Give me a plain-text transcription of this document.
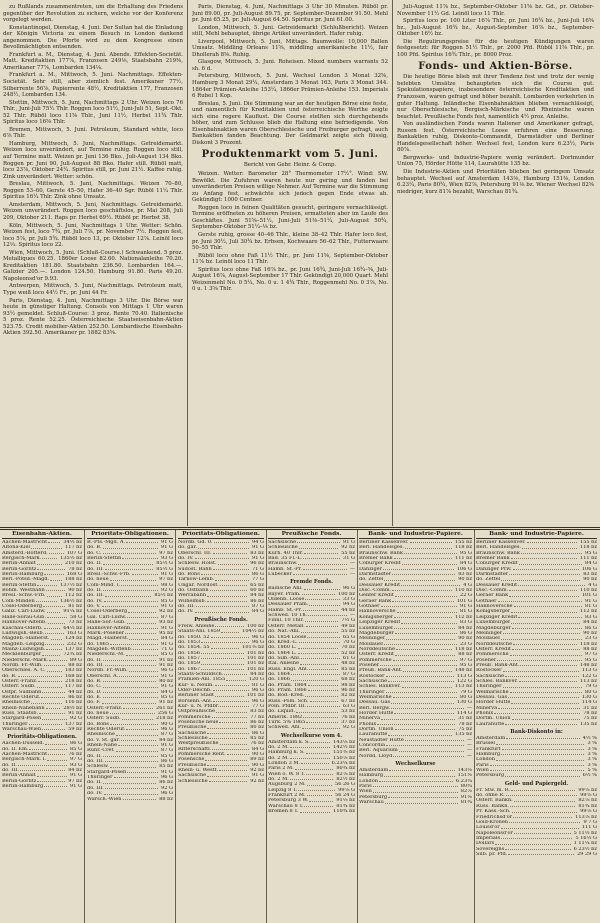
zu Rußlands zusammentreten, um die Erhaltung des Friedens gegenüber der Revolution zu sichern, welche vor der Konferenz vorgelegt werden.

Konstantinopel, Dienstag, 4. Juni. Der Sultan hat die Einladung der Königin Victoria zu einem Besuch in London dankend angenommen. Die Pforte wird zu dem Kongresse einen Bevollmächtigten entsenden.

Frankfurt a. M., Dienstag, 4. Juni. Abends. Effekten-Societät. Matt. Kreditaktien 177⅞, Franzosen 249⅛, Staatsbahn 219⅜, Amerikaner 77⅞, Lombarden 134⅛.

Frankfurt a. M., Mittwoch, 5. Juni. Nachmittags. Effekten-Societät. Sehr still, aber ziemlich fest. Amerikaner 77½, Silberrente 56⅞, Papierrente 48½, Kreditaktien 177, Franzosen 248½, Lombarden 134.

Stettin, Mittwoch, 5. Juni, Nachmittags 2 Uhr. Weizen loco 76 Thlr., Juni-Juli 75½ Thlr. Roggen loco 51½, Juni-Juli 51, Sept.-Okt. 52 Thlr. Rüböl loco 11⅝ Thlr., Juni 11½, Herbst 11¾ Thlr. Spiritus loco 16⅝ Thlr.

Bremen, Mittwoch, 5. Juni. Petroleum, Standard white, loco 6⅞ Thlr.

Hamburg, Mittwoch, 5. Juni, Nachmittags. Getreidemarkt. Weizen loco unverändert, auf Termine ruhig. Roggen loco still, auf Termine matt. Weizen pr. Juni 136 Bko., Juli-August 134 Bko. Roggen pr. Juni 90, Juli-August 88 Bko. Hafer still. Rüböl matt, loco 23⅞, Oktober 24¼. Spiritus still, pr. Juni 21½. Kaffee ruhig. Zink unverändert. Wetter: schön.

Breslau, Mittwoch, 5. Juni, Nachmittags. Weizen 70–80, Roggen 53–60, Gerste 45–50, Hafer 36–40 Sgr. Rüböl 11¼ Thlr. Spiritus 16¼ Thlr. Zink ohne Umsatz.

Amsterdam, Mittwoch, 5. Juni, Nachmittags. Getreidemarkt. Weizen unverändert. Roggen loco geschäftslos, pr. Mai 208, Juli 209, Oktober 211. Raps pr. Herbst 69½. Rüböl pr. Herbst 38.

Köln, Mittwoch, 5. Juni, Nachmittags 1 Uhr. Wetter: Schön. Weizen fest, loco 7¾, pr. Juli 7⅞, pr. November 7½. Roggen fest, loco 5⅞, pr. Juli 5¾. Rüböl loco 13, pr. Oktober 12⅞. Leinöl loco 12⅓. Spiritus loco 22.

Wien, Mittwoch, 5. Juni. (Schluß-Course.) Schwankend. 5 proz. Metalliques 60.25. 1860er Loose 82.60. Nationalanleihe 70.20. Kreditaktien 181.80. Staatsbahn 236.50. Lombarden 164.—. Galizier 205.—. London 124.50. Hamburg 91.80. Paris 49.20. Napoleonsd'or 9.93.

Antwerpen, Mittwoch, 5. Juni, Nachmittags. Petroleum matt, Type weiß loco 44½ Fr., pr. Juni 44 Fr.

Paris, Dienstag, 4. Juni, Nachmittags 3 Uhr. Die Börse war heute in günstiger Haltung. Consols von Mittags 1 Uhr waren 93½ gemeldet. Schluß-Course: 3 proz. Rente 70.40. Italienische 5 proz. Rente 52.25. Österreichische Staatseisenbahn-Aktien 523.75. Credit mobilier-Aktien 252.50. Lombardische Eisenbahn-Aktien 392.50. Amerikaner pr. 1882 83⅝.

Paris, Dienstag, 4. Juni, Nachmittags 3 Uhr 30 Minuten. Rüböl pr. Juni 89.00, pr. Juli-August 89.75, pr. September-Dezember 91.50. Mehl pr. Juni 65.25, pr. Juli-August 64.50. Spiritus pr. Juni 61.00.

London, Mittwoch, 5. Juni. Getreidemarkt (Schlußbericht). Weizen still, Mehl behauptet, übrige Artikel unverändert. Hafer ruhig.

Liverpool, Mittwoch, 5. Juni, Mittags. Baumwolle: 10,000 Ballen Umsatz. Middling Orleans 11⅝, middling amerikanische 11½, fair Dhollerah 8⅝. Ruhig.

Glasgow, Mittwoch, 5. Juni. Roheisen. Mixed numbers warrants 52 sh. 6 d.

Petersburg, Mittwoch, 5. Juni. Wechsel London 3 Monat 32⅝, Hamburg 3 Monat 29¼, Amsterdam 3 Monat 163, Paris 3 Monat 344. 1864er Prämien-Anleihe 153¼, 1866er Prämien-Anleihe 153. Imperials 6 Rubel 1 Kop.

Breslau, 5. Juni. Die Stimmung war an der heutigen Börse eine feste, und namentlich für Kreditaktien und österreichische Werthe zeigte sich eine regere Kauflust. Die Course stellten sich durchgehends höher, und zum Schlusse blieb die Haltung eine befriedigende. Von Eisenbahnaktien waren Oberschlesische und Freiburger gefragt, auch Bankaktien fanden Beachtung. Der Geldmarkt zeigte sich flüssig, Diskont 3 Prozent.

Produktenmarkt vom 5. Juni.
Bericht von Gebr. Heinr. & Comp.

Weizen. Wetter: Barometer 28° Thermometer 17½°. Wind: SW. Bewölkt. Die Zufuhren waren heute nur gering und fanden bei unveränderten Preisen willige Nehmer. Auf Termine war die Stimmung zu Anfang fest, schwächte sich jedoch gegen Ende etwas ab. Gekündigt: 1000 Centner.

Roggen loco in feinen Qualitäten gesucht, geringere vernachlässigt. Termine eröffneten zu höheren Preisen, ermatteten aber im Laufe des Geschäftes. Juni 51⅝–51½, Juni-Juli 51⅜–51¼, Juli-August 50¾, September-Oktober 51¼–⅛ bz.

Gerste ruhig, grosse 40–46 Thlr., kleine 38–42 Thlr. Hafer loco fest, pr. Juni 30½, Juli 30¾ bz. Erbsen, Kochwaare 56–62 Thlr., Futterwaare 50–55 Thlr.

Rüböl loco ohne Faß 11½ Thlr., pr. Juni 11⅝, September-Oktober 11⅞ bz. Leinöl loco 11 Thlr.

Spiritus loco ohne Faß 16⅞ bz., pr. Juni 16¾, Juni-Juli 16¾–⅝, Juli-August 16⅞, August-September 17 Thlr. Gekündigt 20,000 Quart. Mehl Weizenmehl No. 0 5¼, No. 0 u. 1 4¾ Thlr., Roggenmehl No. 0 3⅞, No. 0 u. 1 3⅝ Thlr.

Juli-August 11⅞ bz., September-Oktober 11⅝ bz. Gd., pr. Oktober-November 11½ Gd. Leinöl loco 11 Thlr.

Spiritus loco pr. 100 Liter 16⅞ Thlr., pr. Juni 16¾ bz., Juni-Juli 16⅝ bz., Juli-August 16¾ bz., August-September 16⅞ bz., September-Oktober 16½ bz.

Die Regulirungspreise für die heutigen Kündigungen waren festgesetzt: für Roggen 51½ Thlr., pr. 2000 Pfd. Rüböl 11⅝ Thlr., pr. 100 Pfd. Spiritus 16¾ Thlr., pr. 8000 Proz.

Fonds- und Aktien-Börse.

Die heutige Börse blieb mit ihrer Tendenz fest und trotz der wenig belebten Umsätze behaupteten sich die Course gut. Spekulationspapiere, insbesondere österreichische Kreditaktien und Franzosen, waren gefragt und höher bezahlt. Lombarden verkehrten in guter Haltung. Inländische Eisenbahnaktien blieben vernachlässigt, nur Oberschlesische, Bergisch-Märkische und Rheinische waren beachtet. Preußische Fonds fest, namentlich 4½ proz. Anleihe.

Von ausländischen Fonds waren Italiener und Amerikaner gefragt, Russen fest. Österreichische Loose erfuhren eine Besserung. Bankaktien ruhig, Diskonto-Commandit, Darmstädter und Berliner Handelsgesellschaft höher. Wechsel fest, London kurz 6.23½, Paris 80⅞.

Bergwerks- und Industrie-Papiere wenig verändert. Dortmunder Union 75, Hörder Hütte 114, Laurahütte 135 bz.

Die Industrie-Aktien und Prioritäten blieben bei geringem Umsatz behauptet. Wechsel auf Amsterdam 143⅛, Hamburg 151⅜, London 6.23¼, Paris 80¾, Wien 82⅞, Petersburg 91⅛ bz. Wiener Wechsel 82⅝ niedriger, kurz 81⅞ bezahlt, Warschau 81¾.

Eisenbahn-Aktien.
Aachen-Mastricht	34½ bz
Altona-Kiel	117 bz
Amsterd.-Rotterd.	107 G
Bergisch-Märk.	135½ bz
Berlin-Anhalt	210 bz
Berlin-Görlitz	78 bz
Berlin-Hamburg	168 G
Berl.-Potsd.-Magd.	188 bz
Berlin-Stettin	137½ bz
Böhm. Westbahn	90 bz
Bresl.-Schw.-Frb.	112 bz
Cöln-Minden	136½ bz
Cosel-Oderberg	81 bz
Galiz. Carl-Ludw.	91¼ bz
Halle-Sorau-Gub.	58 G
Hannover-Altenb.	73 bz
Kaschau-Oderb.	64½ bz
Ludwigsh.-Bexb.	163 G
Magdeb.-Halberst.	124 bz
Magdeb.-Leipzig	232 G
Mainz-Ludwigsh.	137 bz
Mecklenburger	72¾ bz
Niederschl.-Märk.	89 G
Nordb. Fr.-Wilh.	88 bz
Oberschles. A. C.	183 bz
do. B.	168 bz
Österr.-Franz.	218 bz
Österr. Südb.	117 bz
Ostpr. Südbahn	44 bz
Rechte Oderuf.	86 bz
Rheinische	116 bz
Rhein-Nahebahn	28½ bz
Russ. Staatsb.	91 bz
Stargard-Posen	92 G
Thüringer	137 bz
Warschau-Wien	59 bz
Prioritäts-Obligationen.
Aachen-Düsseld.	86 G
do. II. Em.	85 G
Aachen-Mastricht	76 bz
Bergisch-Märk. I.	97 G
do. II.	93 G
do. III.	84 bz
Berlin-Anhalt	91 G
Berlin-Görlitz	97 bz
Berlin-Hamburg	91 G
Prioritäts-Obligationen.
B.-Pts.-Mgd. A.	91 G
do. B.	91 G
do. C.	97 bz
Berlin-Stettin	93 G
do. II.	85½ G
do. III.	85½ G
Bresl.-Schw.-Frb.	91 G
do. neue	97 bz
Cöln-Mind. I.	98 G
do. II.	92 G
do. III.	85½ bz
do. IV.	85 G
do. V.	91 G
Cosel-Oderberg	92 bz
Gal. Carl-Ludw.	87 G
Halle-Sor.-Gub.	93 bz
Hannover-Altenb.	91 G
Märk.-Posener	95 bz
Magd.-Halberst.	84 G
do. 1865	91 G
Magdeb.-Wittenb.	71 G
Niederschl.-M.	85 G
do. II.	91 bz
do. III.	91 bz
Nordb. Fr.-Wilh.	96 G
Oberschl. A.	91 G
do. B.	80 bz
do. C.	91 G
do. D.	84 G
do. E.	85 G
do. F.	91 bz
Österr.-Franz.	261 bz
do. neue	256 G
Österr. Südb.	218 bz
do. Bons	90 G
Rechte Oderuf.	96 G
Rheinische	87 G
do. v. St. gar.	84 bz
Rhein-Nahe	91 G
Ruhr.-Cref.	87 G
do. II.	85 G
do. III.	86 G
Schlesw.	85 bz
Stargard-Posen	91 G
Thüringer	96 G
do. II.	86 bz
do. III.	92 G
do. IV.	96 G
Warsch.-Wien	88 bz
Prioritäts-Obligationen.
Nordb. Gd. 0.	94 G
do. gar.	91 G
Oberschl. III.	83 bz
do. IV.	91 G
Schlesw. Holst.	96 bz
Südöst. Bahn	71 G
do. Bons	86 G
Tarnow-Lemb.	77 G
Ungar. Nordost.	65 bz
do. Ostbahn	60 bz
Werrabahn	84 bz
Wilhelmsb.	86 bz
do. III.	87 G
do. IV.	84 G
Preußische Fonds.
Freiw. Anleihe	100 bz
Staats-Anl. 1859	104½ bz
do. 1850. 52	96 G
do. 1853	96 G
do. 1854. 55	101⅜ bz
do. 1856	101 bz
do. 1857	101 bz
do. 1859	101 bz
do. 1867	101 bz
Staats-Schuldsch.	84 bz
Prämien-Anl. 1855	120 G
Kur- u. Neum.	81 G
Oder-Deichb.	96 G
Berliner Stadt	101 bz
Börsenh.-Anl.	96 G
Kur- u. N. Pfdbr.	77 G
Ostpreußische	83 bz
Pommersche	77 bz
Posensche neue	86 bz
Preußische	80 bz
Sächsische	86 G
Schlesische	85 bz
Westpreußische	76 bz
Ritterschaftl.	84 G
Pommersche Rent.	90 G
Posensche	89 bz
Preußische	90 G
Rhein- u. Westf.	92 bz
Sächsische	91 G
Schlesische	92 bz
Preußische Fonds.
Sächsische	91 G
Schlesische	92 bz
Kurh. 40 Thlr.	55 bz
Bad. 35 Fl.-L.	31 G
Braunschw.	—
Hamb. St.-Pr.	—
Lübecker	—
Fremde Fonds.
Badische Anl.	96 G
Bayer. Präm.	100 bz
Oldenb. Loose	33 G
Dessauer Präm.	94 G
Hamb. St.-Pr.	44 bz
Schwed. 10 Th.	—
Finnl. 10 Thlr.	7½ G
Österr. Metall.	49 bz
do. Nat.-Anl.	55 bz
do. 1854 Loose	65 G
do. Kred.-L.	70 G
do. 1860 L.	70 bz
do. 1864 L.	52 bz
do. Silb.-Anl.	61 G
Ital. Anleihe	48 bz
Russ. Engl. Anl.	85 bz
do. 1864	87 G
do. 1866	68 bz
do. Präm. 1864	98 bz
do. Präm. 1866	96 bz
do. Bod.-Kred.	82 bz
Russ.-Poln. Sch.	67 bz
Poln. Pfdbr. III.	63 G
do. Liquid.	53 bz
Amerik. 1882	76 bz
Türk. 5% 1865	37 bz
Schwed. Anl.	92 G
Wechselkurse vom 4.
Amsterdam k. S.	143⅛ bz
do. 2 M.	142½ bz
Hamburg k. S.	151⅜ bz
do. 2 M.	150⅞ bz
London 3 M.	6.23¼ bz
Paris 2 M.	80¾ bz
Wien ö. W. 8 T.	82⅞ bz
do. 2 M.	82½ bz
Augsburg 2 M.	56 26 G
Leipzig 8 T.	99⅞ G
Frankfurt 2 M.	56 24 G
Petersburg 3 W.	91⅛ bz
Warschau 8 T.	81¾ bz
Bremen 8 T.	110¾ bz
Bank- und Industrie-Papiere.
Berliner Kassenver.	155 bz
Berl. Handelsges.	118 bz
Braunschw. Bank	95 G
Bremer Bank	111 bz
Coburger Kredit	84 G
Danziger	106 G
Darmstädter	83 bz
do. Zettel	90 bz
Dessauer Kredit	4 G
Disc.-Comm.	110 bz
Genfer Kredit	22 G
Geraer Bank	101 G
Gothaer	91 G
Hannoversche	81 G
Königsberger	112 bz
Leipziger Kredit	83 G
Luxemburger	84 bz
Magdeburger	86 G
Meininger	90 bz
Moldauer	23 G
Norddeutsche	118 bz
Österr. Kredit	88 bz
Pommersche	97 G
Posener	95 G
Preuß. Bank-Ant.	148 bz
Rostocker	113 G
Sächsische	122 G
Schles. Bankver.	113 bz
Thüringer	79 G
Weimarische	80 G
Dessau. Gas	130 G
Berl. Bergw.	—
Hörder Hütte	114 G
Minerva	31 bz
Phönix	78 bz
Dortm. Union	75 bz
Laurahütte	135 bz
Neustädter Hütte	—
Concordia	—
Berl. Aquarium	—
Nordd. Lloyd	—
Wechselkurse
Amsterdam	143⅛
Hamburg	151⅜
London	6.23¼
Paris	80¾
Wien	82⅞
Petersburg	91⅛
Warschau	81¾
Bank- und Industrie-Papiere.
Berliner Kassenver.	155 bz
Berl. Handelsges.	118 bz
Braunschw. Bank	95 G
Bremer Bank	111 bz
Coburger Kredit	84 G
Danziger Priv.	106 G
Darmstädter	83 bz
do. Zettel	90 bz
Dessauer Kredit	4 G
Disc.-Comm.	110 bz
Geraer Bank	101 G
Gothaer	91 G
Hannoversche	81 G
Königsberger	112 bz
Leipziger Kredit	83 G
Luxemburger	84 bz
Magdeburger	86 G
Meininger	90 bz
Moldauer	23 G
Norddeutsche	118 bz
Österr. Kredit	88 bz
Pommersche	97 G
Posener	95 G
Preuß. Bank-Ant.	148 bz
Rostocker	113 G
Sächsische	122 G
Schles. Bankver.	113 bz
Thüringer	79 G
Weimarische	80 G
Dessau. Gas	130 G
Hörder Hütte	114 G
Minerva	31 bz
Phönix	78 bz
Dortm. Union	75 bz
Laurahütte	135 bz
Bank-Diskonto in:
Amsterdam	4½ %
Brüssel	3 %
Frankfurt	3 %
Hamburg	3 %
London	3 %
Paris	3 %
Wien	5 %
Petersburg	6½ %
Geld- und Papiergeld.
Fr. Stw. m. R.	99⅞ bz
do. ohne R.	99⅝ G
Österr. Bankn.	82⅞ bz
Russ. Bankn.	81¾ bz
Pr. Kass.-Sch.	99⅞ G
Friedrichsd'or	113⅞ bz
Gold-Kronen	9 7 G
Louisd'or	111 G
Napoleonsd'or	5 11½ bz
Imperials	5 16½ G
Dollars	1 11¼ bz
Sovereigns	6 23½ bz
Silb. pr. Pfd.	29 29 G
